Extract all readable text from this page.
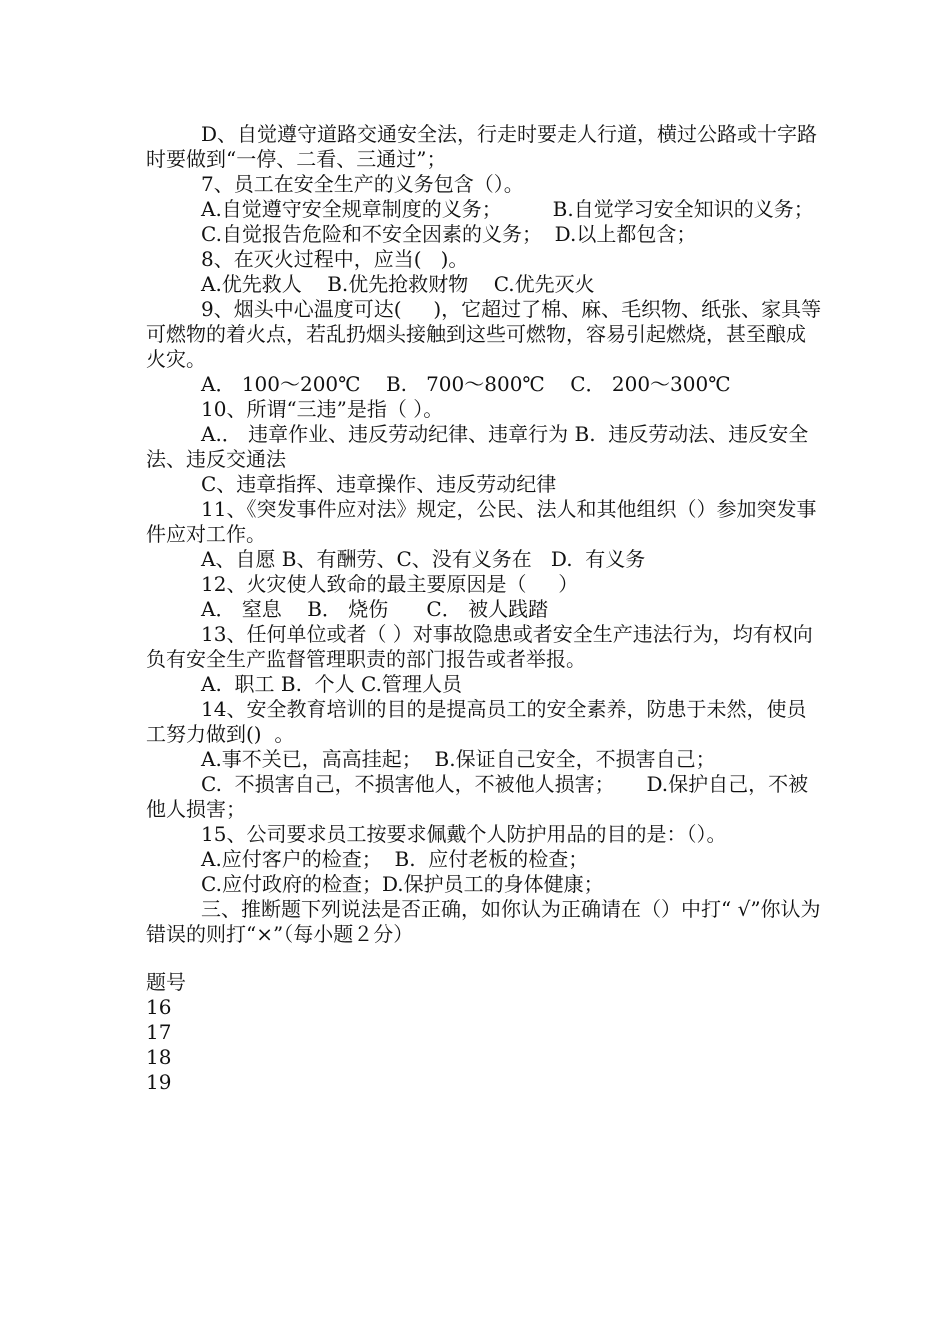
D、自觉遵守道路交通安全法，行走时要走人行道，横过公路或十字路时要做到“一停、二看、三通过”；

7、员工在安全生产的义务包含（）。

A.自觉遵守安全规章制度的义务；        B.自觉学习安全知识的义务；

C.自觉报告危险和不安全因素的义务；  D.以上都包含；

8、在灭火过程中，应当(   )。

A.优先救人    B.优先抢救财物    C.优先灭火

9、烟头中心温度可达(     )，它超过了棉、麻、毛织物、纸张、家具等可燃物的着火点，若乱扔烟头接触到这些可燃物，容易引起燃烧，甚至酿成火灾。

A． 100～200℃    B.   700～800℃    C． 200～300℃

10、所谓“三违”是指（ ）。

A.． 违章作业、违反劳动纪律、违章行为 B.  违反劳动法、违反安全法、违反交通法

C、违章指挥、违章操作、违反劳动纪律

11、《突发事件应对法》规定，公民、法人和其他组织（）参加突发事件应对工作。

A、自愿 B、有酬劳、C、没有义务在   D.  有义务

12、火灾使人致命的最主要原因是（     ）

A． 窒息    B． 烧伤      C． 被人践踏

13、任何单位或者（ ）对事故隐患或者安全生产违法行为，均有权向负有安全生产监督管理职责的部门报告或者举报。

A.  职工 B.  个人 C.管理人员

14、安全教育培训的目的是提高员工的安全素养，防患于未然，使员工努力做到()  。

A.事不关已，高高挂起；  B.保证自己安全，不损害自己；

C.  不损害自己，不损害他人，不被他人损害；     D.保护自己，不被他人损害；

15、公司要求员工按要求佩戴个人防护用品的目的是：（）。

A.应付客户的检查；  B.  应付老板的检查；

C.应付政府的检查；D.保护员工的身体健康；

三、推断题下列说法是否正确，如你认为正确请在（）中打“ √”你认为错误的则打“×”（每小题２分）

题号

16

17

18

19
